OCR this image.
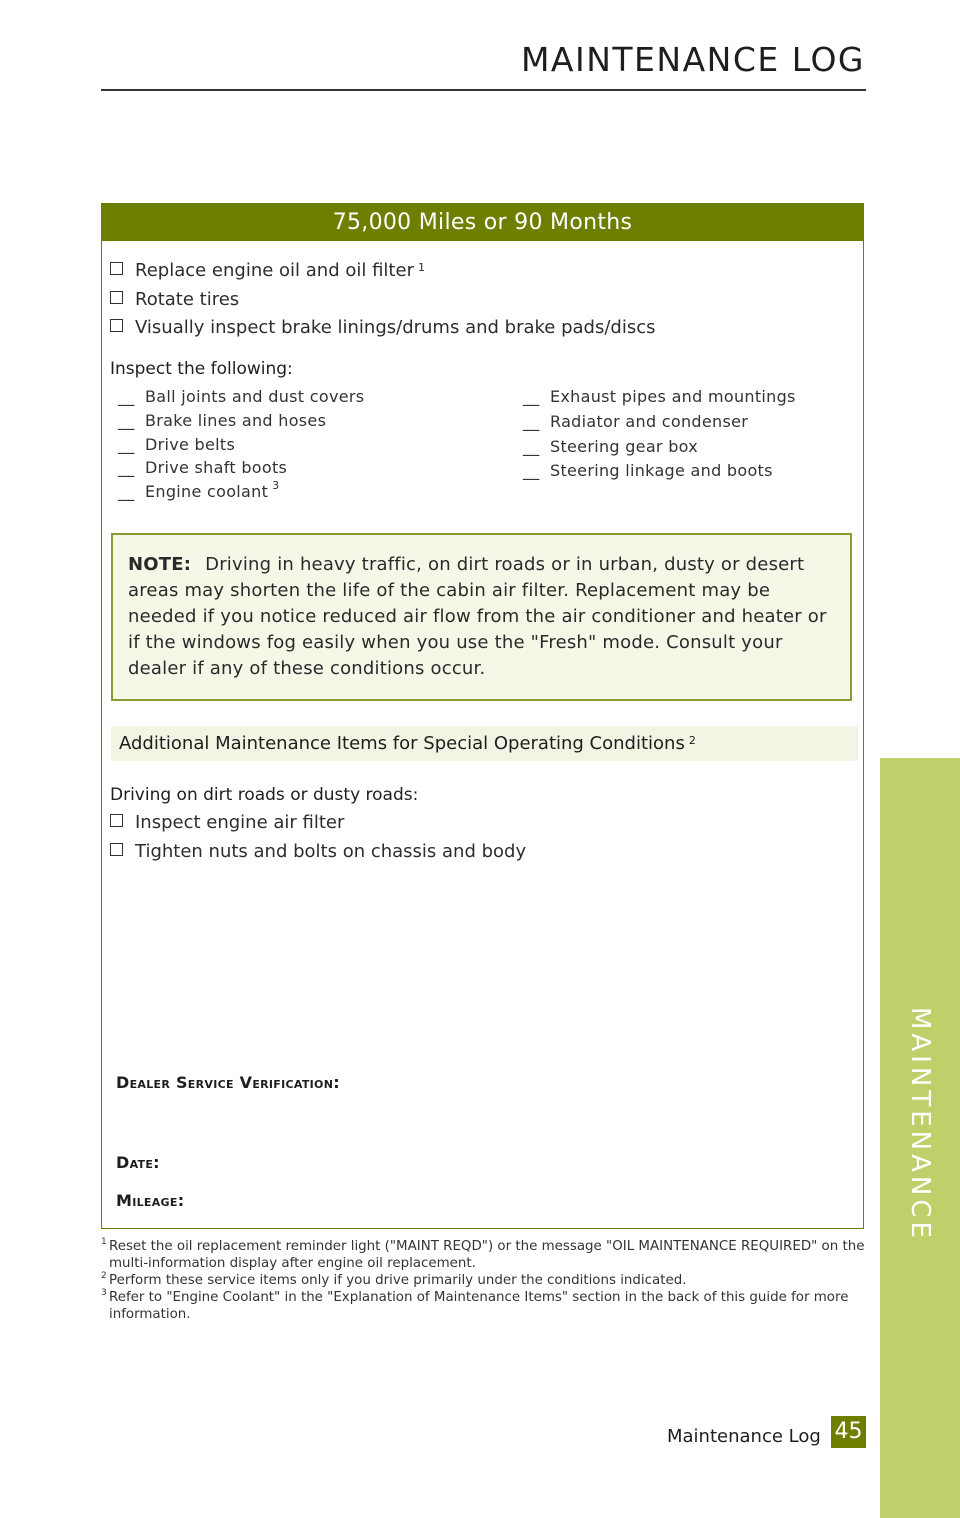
MAINTENANCE LOG
75,000 Miles or 90 Months
Replace engine oil and oil filter $^1$
Rotate tires
Visually inspect brake linings/drums and brake pads/discs
Inspect the following:
__ Ball joints and dust covers
__ Brake lines and hoses
__ Drive belts
__ Drive shaft boots
__ Engine coolant $^3$
__ Exhaust pipes and mountings
__ Radiator and condenser
__ Steering gear box
__ Steering linkage and boots

NOTE: Driving in heavy traffic, on dirt roads or in urban, dusty or desert areas may shorten the life of the cabin air filter. Replacement may be needed if you notice reduced air flow from the air conditioner and heater or if the windows fog easily when you use the "Fresh" mode. Consult your dealer if any of these conditions occur.

Additional Maintenance Items for Special Operating Conditions $^2$
Driving on dirt roads or dusty roads:
Inspect engine air filter
Tighten nuts and bolts on chassis and body
Dealer Service Verification:
Date:
Mileage:

1 Reset the oil replacement reminder light ("MAINT REQD") or the message "OIL MAINTENANCE REQUIRED" on the multi-information display after engine oil replacement.

2 Perform these service items only if you drive primarily under the conditions indicated.

3 Refer to "Engine Coolant" in the "Explanation of Maintenance Items" section in the back of this guide for more information.

MAINTENANCE
Maintenance Log 45
